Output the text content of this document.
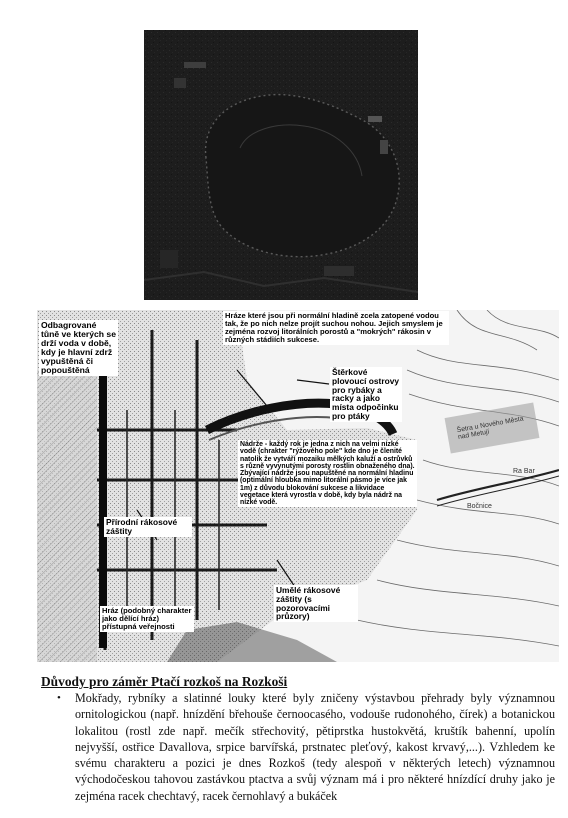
Odbagrované tůně ve kterých se drží voda v době, kdy je hlavní zdrž vypuštěná či popouštěná
Hráze které jsou při normální hladině zcela zatopené vodou tak, že po nich nelze projít suchou nohou. Jejich smyslem je zejména rozvoj litorálních porostů a "mokrých" rákosin v různých stádiích sukcese.
Štěrkové plovoucí ostrovy pro rybáky a racky a jako místa odpočinku pro ptáky
Nádrže - každý rok je jedna z nich na velmi nízké vodě (chrakter "rýžového pole" kde dno je členité natolik že vytváří mozaiku mělkých kaluží a ostrůvků s různě vyvynutými porosty rostlin obnaženého dna). Zbývající nádrže jsou napuštěné na normální hladinu (optimální hloubka mimo litorální pásmo je více jak 1m) z důvodu blokování sukcese a likvidace vegetace která vyrostla v době, kdy byla nádrž na nízké vodě.
Přírodní rákosové záštity
Umělé rákosové záštity (s pozorovacími průzory)
Hráz (podobný charakter jako dělící hráz) přístupná veřejnosti
Šetra u Nového Města nad Metují
Ra Bar
Bočnice
Důvody pro záměr Ptačí rozkoš na Rozkoši
• Mokřady, rybníky a slatinné louky které byly zničeny výstavbou přehrady byly významnou ornitologickou (např. hnízdění břehouše černoocasého, vodouše rudonohého, čírek) a botanickou lokalitou (rostl zde např. mečík střechovitý, pětiprstka hustokvětá, kruštík bahenní, upolín nejvyšší, ostřice Davallova, srpice barvířská, prstnatec pleťový, kakost krvavý,...). Vzhledem ke svému charakteru a pozici je dnes Rozkoš (tedy alespoň v některých letech) významnou východočeskou tahovou zastávkou ptactva a svůj význam má i pro některé hnízdící druhy jako je zejména racek chechtavý, racek černohlavý a bukáček
